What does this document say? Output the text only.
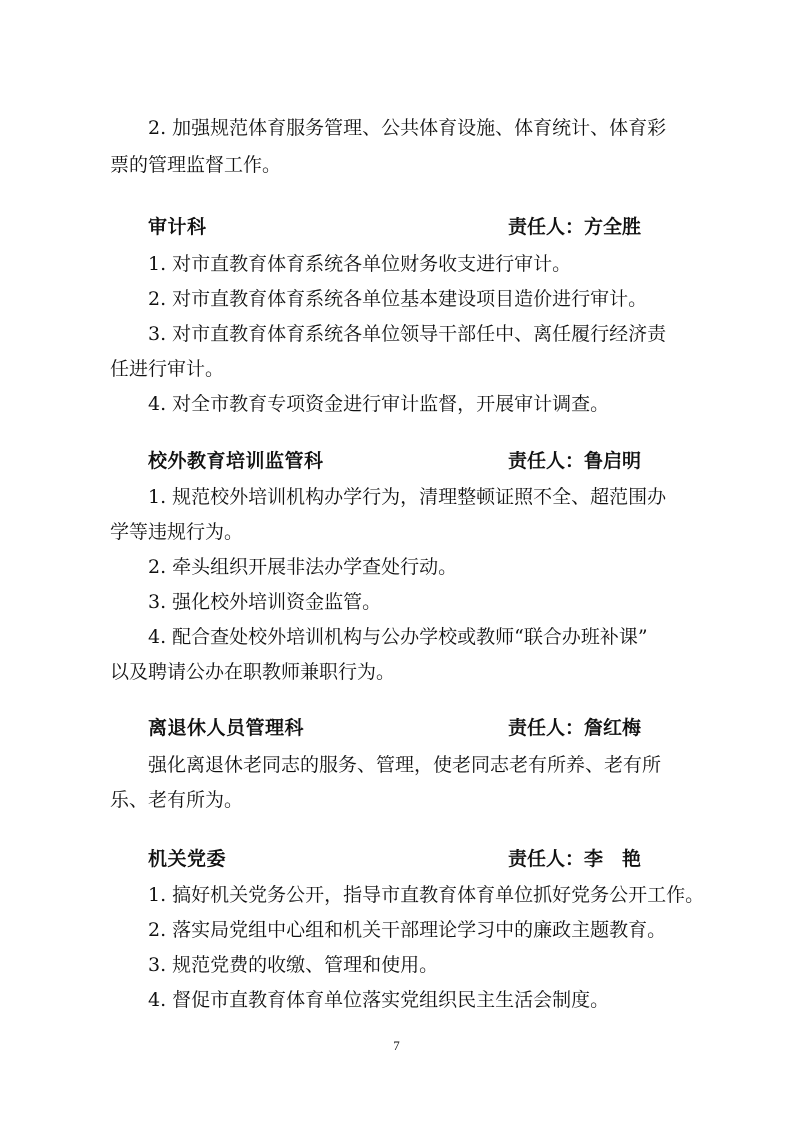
2. 加强规范体育服务管理、公共体育设施、体育统计、体育彩
票的管理监督工作。
审计科	责任人：方全胜
1. 对市直教育体育系统各单位财务收支进行审计。
2. 对市直教育体育系统各单位基本建设项目造价进行审计。
3. 对市直教育体育系统各单位领导干部任中、离任履行经济责
任进行审计。
4. 对全市教育专项资金进行审计监督，开展审计调查。
校外教育培训监管科	责任人：鲁启明
1. 规范校外培训机构办学行为，清理整顿证照不全、超范围办
学等违规行为。
2. 牵头组织开展非法办学查处行动。
3. 强化校外培训资金监管。
4. 配合查处校外培训机构与公办学校或教师“联合办班补课”
以及聘请公办在职教师兼职行为。
离退休人员管理科	责任人：詹红梅
强化离退休老同志的服务、管理，使老同志老有所养、老有所
乐、老有所为。
机关党委	责任人：李　艳
1. 搞好机关党务公开，指导市直教育体育单位抓好党务公开工作。
2. 落实局党组中心组和机关干部理论学习中的廉政主题教育。
3. 规范党费的收缴、管理和使用。
4. 督促市直教育体育单位落实党组织民主生活会制度。
7
